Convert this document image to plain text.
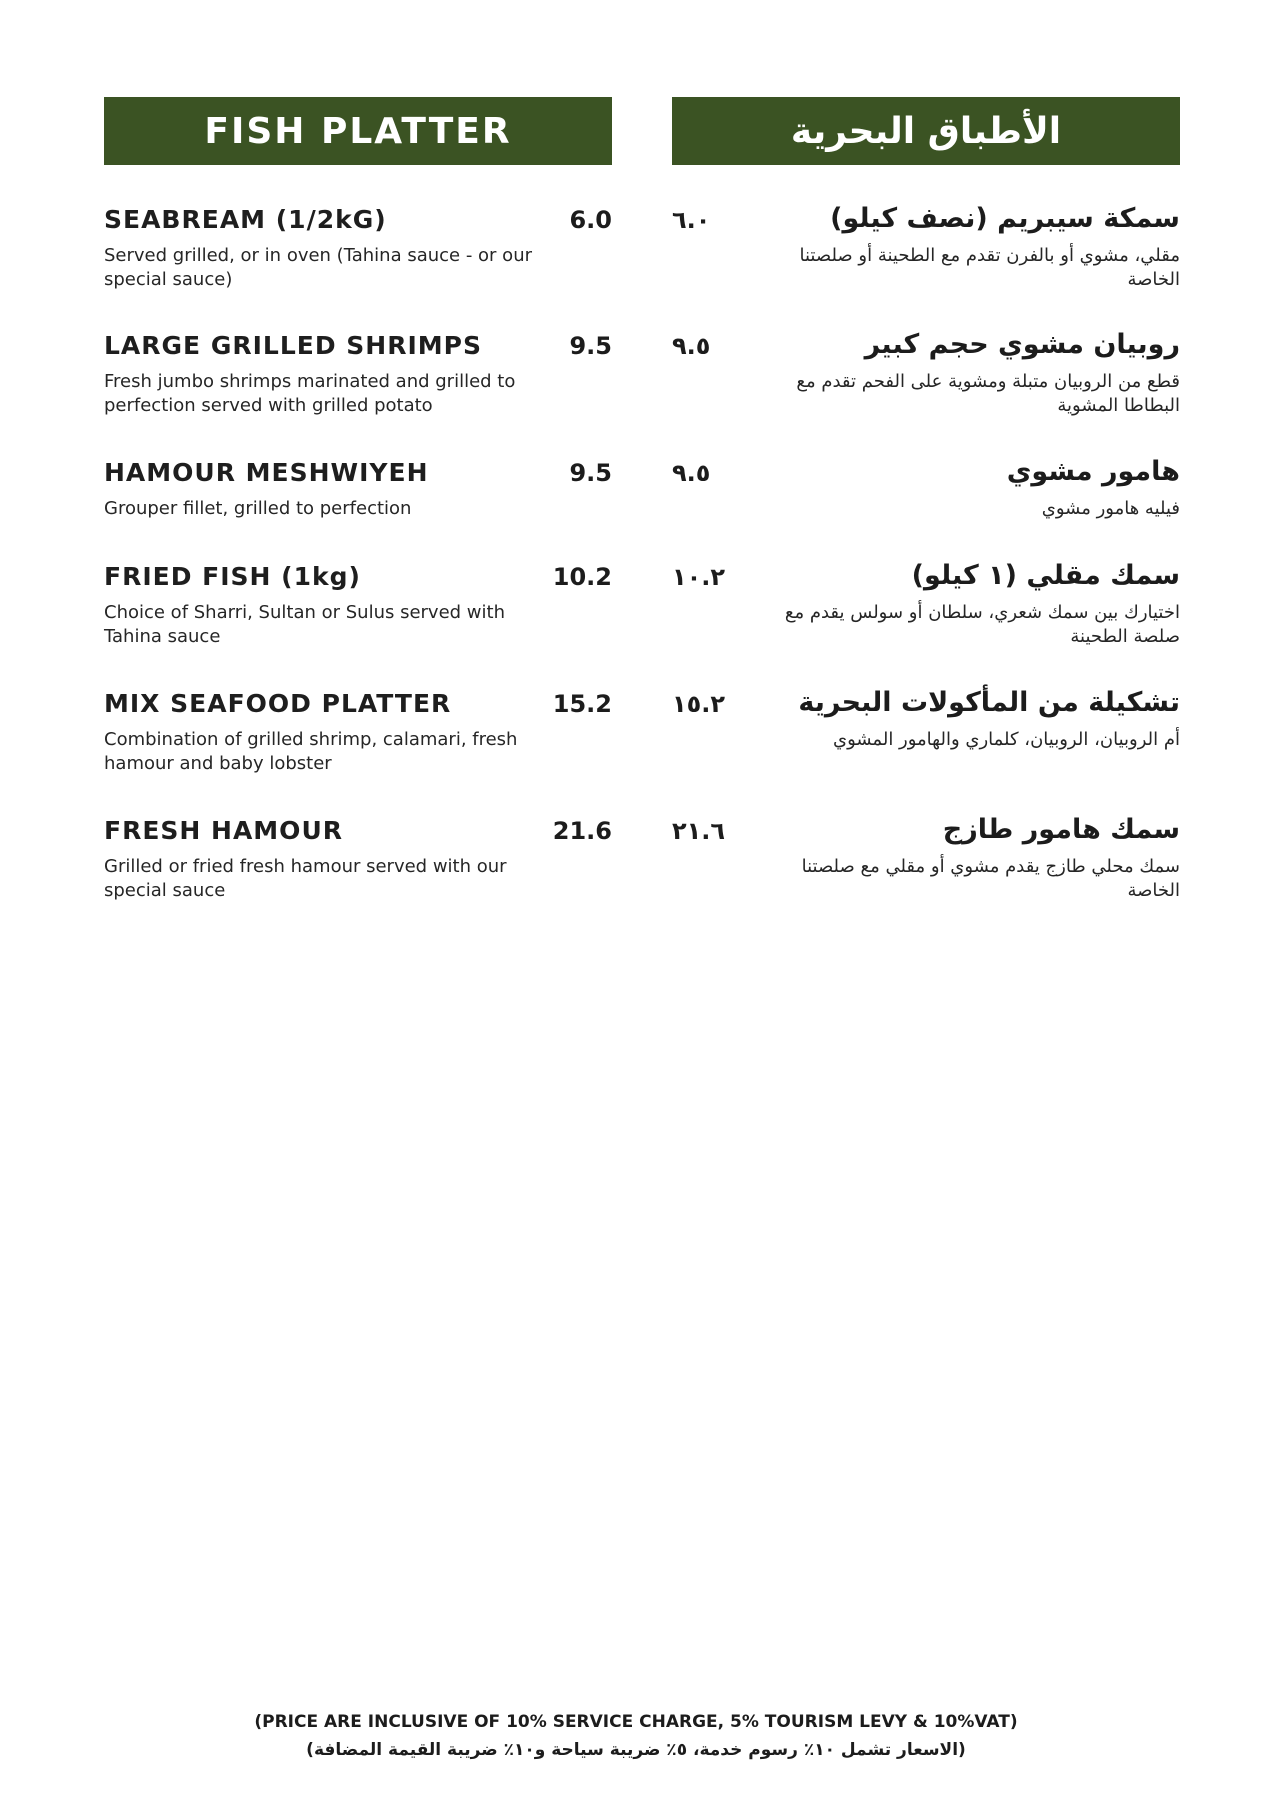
FISH PLATTER	الأطباق البحرية
SEABREAM (1/2kG)	6.0
Served grilled, or in oven (Tahina sauce - or our special sauce)
٦.٠	سمكة سيبريم (نصف كيلو)
مقلي، مشوي أو بالفرن تقدم مع الطحينة أو صلصتنا الخاصة
LARGE GRILLED SHRIMPS	9.5
Fresh jumbo shrimps marinated and grilled to perfection served with grilled potato
٩.٥	روبيان مشوي حجم كبير
قطع من الروبيان متبلة ومشوية على الفحم تقدم مع البطاطا المشوية
HAMOUR MESHWIYEH	9.5
Grouper fillet, grilled to perfection
٩.٥	هامور مشوي
فيليه هامور مشوي
FRIED FISH (1kg)	10.2
Choice of Sharri, Sultan or Sulus served with Tahina sauce
١٠.٢	سمك مقلي (١ كيلو)
اختيارك بين سمك شعري، سلطان أو سولس يقدم مع صلصة الطحينة
MIX SEAFOOD PLATTER	15.2
Combination of grilled shrimp, calamari, fresh hamour and baby lobster
١٥.٢	تشكيلة من المأكولات البحرية
أم الروبيان، الروبيان، كلماري والهامور المشوي
FRESH HAMOUR	21.6
Grilled or fried fresh hamour served with our special sauce
٢١.٦	سمك هامور طازج
سمك محلي طازج يقدم مشوي أو مقلي مع صلصتنا الخاصة
(PRICE ARE INCLUSIVE OF 10% SERVICE CHARGE, 5% TOURISM LEVY & 10%VAT)
(الاسعار تشمل ١٠٪ رسوم خدمة، ٥٪ ضريبة سياحة و١٠٪ ضريبة القيمة المضافة)
